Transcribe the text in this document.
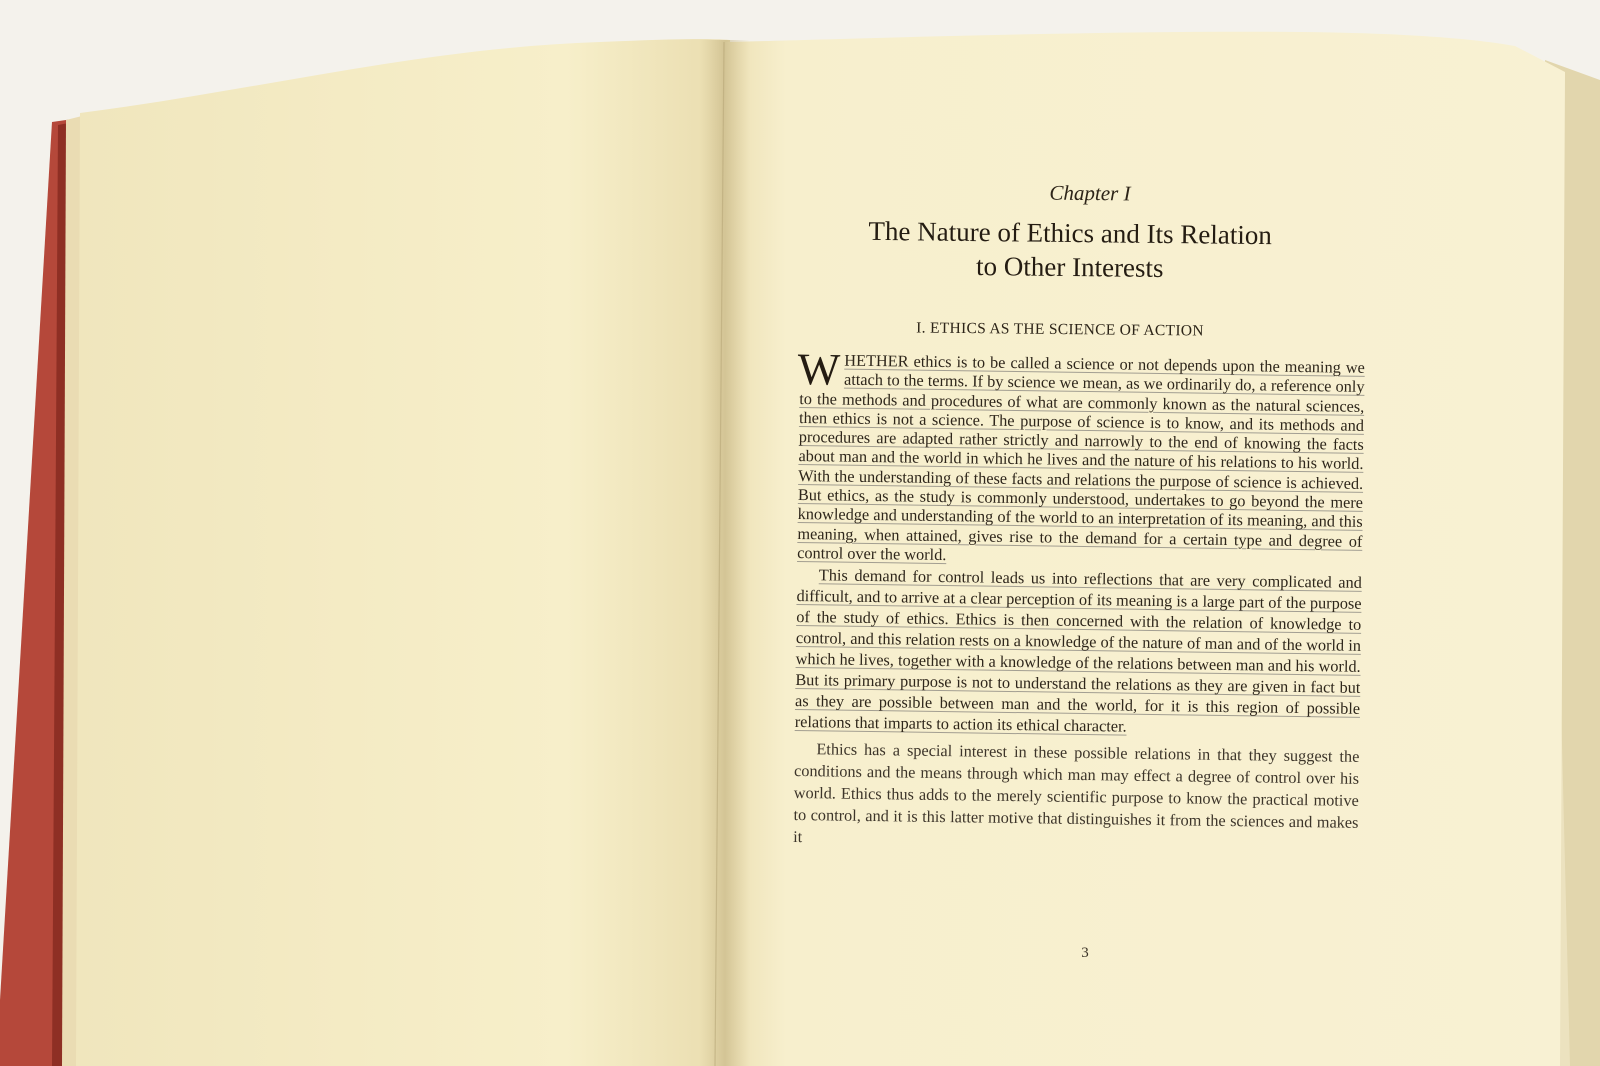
Chapter I
The Nature of Ethics and Its Relation
to Other Interests
I. ETHICS AS THE SCIENCE OF ACTION

WHETHER ethics is to be called a science or not depends upon the meaning we attach to the terms. If by science we mean, as we ordinarily do, a reference only to the methods and procedures of what are commonly known as the natural sciences, then ethics is not a science. The purpose of science is to know, and its methods and procedures are adapted rather strictly and narrowly to the end of knowing the facts about man and the world in which he lives and the nature of his relations to his world. With the understanding of these facts and relations the purpose of science is achieved. But ethics, as the study is commonly understood, undertakes to go beyond the mere knowledge and understanding of the world to an interpretation of its meaning, and this meaning, when attained, gives rise to the demand for a certain type and degree of control over the world.

This demand for control leads us into reflections that are very complicated and difficult, and to arrive at a clear perception of its meaning is a large part of the purpose of the study of ethics. Ethics is then concerned with the relation of knowledge to control, and this relation rests on a knowledge of the nature of man and of the world in which he lives, together with a knowledge of the relations between man and his world. But its primary purpose is not to understand the relations as they are given in fact but as they are possible between man and the world, for it is this region of possible relations that imparts to action its ethical character.

Ethics has a special interest in these possible relations in that they suggest the conditions and the means through which man may effect a degree of control over his world. Ethics thus adds to the merely scientific purpose to know the practical motive to control, and it is this latter motive that distinguishes it from the sciences and makes it

3
